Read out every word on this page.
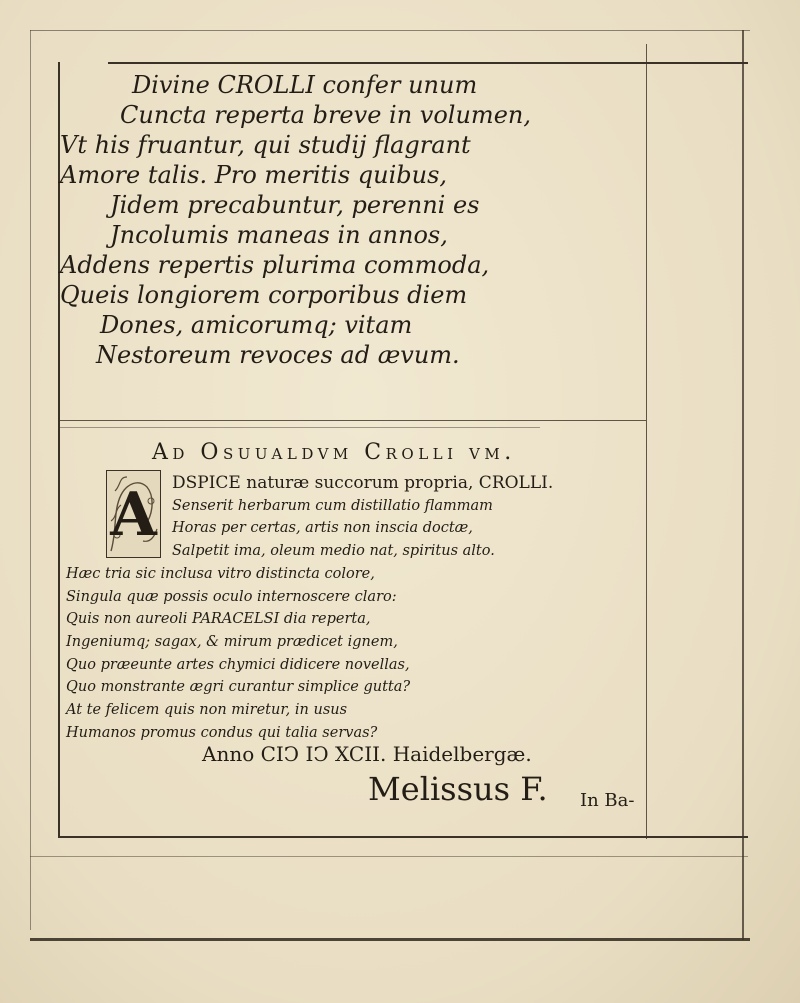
Divine CROLLI confer unum
Cuncta reperta breve in volumen,
Vt his fruantur, qui studij flagrant
Amore talis. Pro meritis quibus,
Jidem precabuntur, perenni es
Jncolumis maneas in annos,
Addens repertis plurima commoda,
Queis longiorem corporibus diem
Dones, amicorumq; vitam
Nestoreum revoces ad ævum.
Ad Osuualdvm Crolli vm.
A DSPICE naturæ succorum propria, CROLLI.
Senserit herbarum cum distillatio flammam
Horas per certas, artis non inscia doctæ,
Salpetit ima, oleum medio nat, spiritus alto.
Hæc tria sic inclusa vitro distincta colore,
Singula quæ possis oculo internoscere claro:
Quis non aureoli PARACELSI dia reperta,
Ingeniumq; sagax, & mirum prædicet ignem,
Quo præeunte artes chymici didicere novellas,
Quo monstrante ægri curantur simplice gutta?
At te felicem quis non miretur, in usus
Humanos promus condus qui talia servas?
Anno CIↃ IↃ XCII. Haidelbergæ.
Melissus F. In Ba-
